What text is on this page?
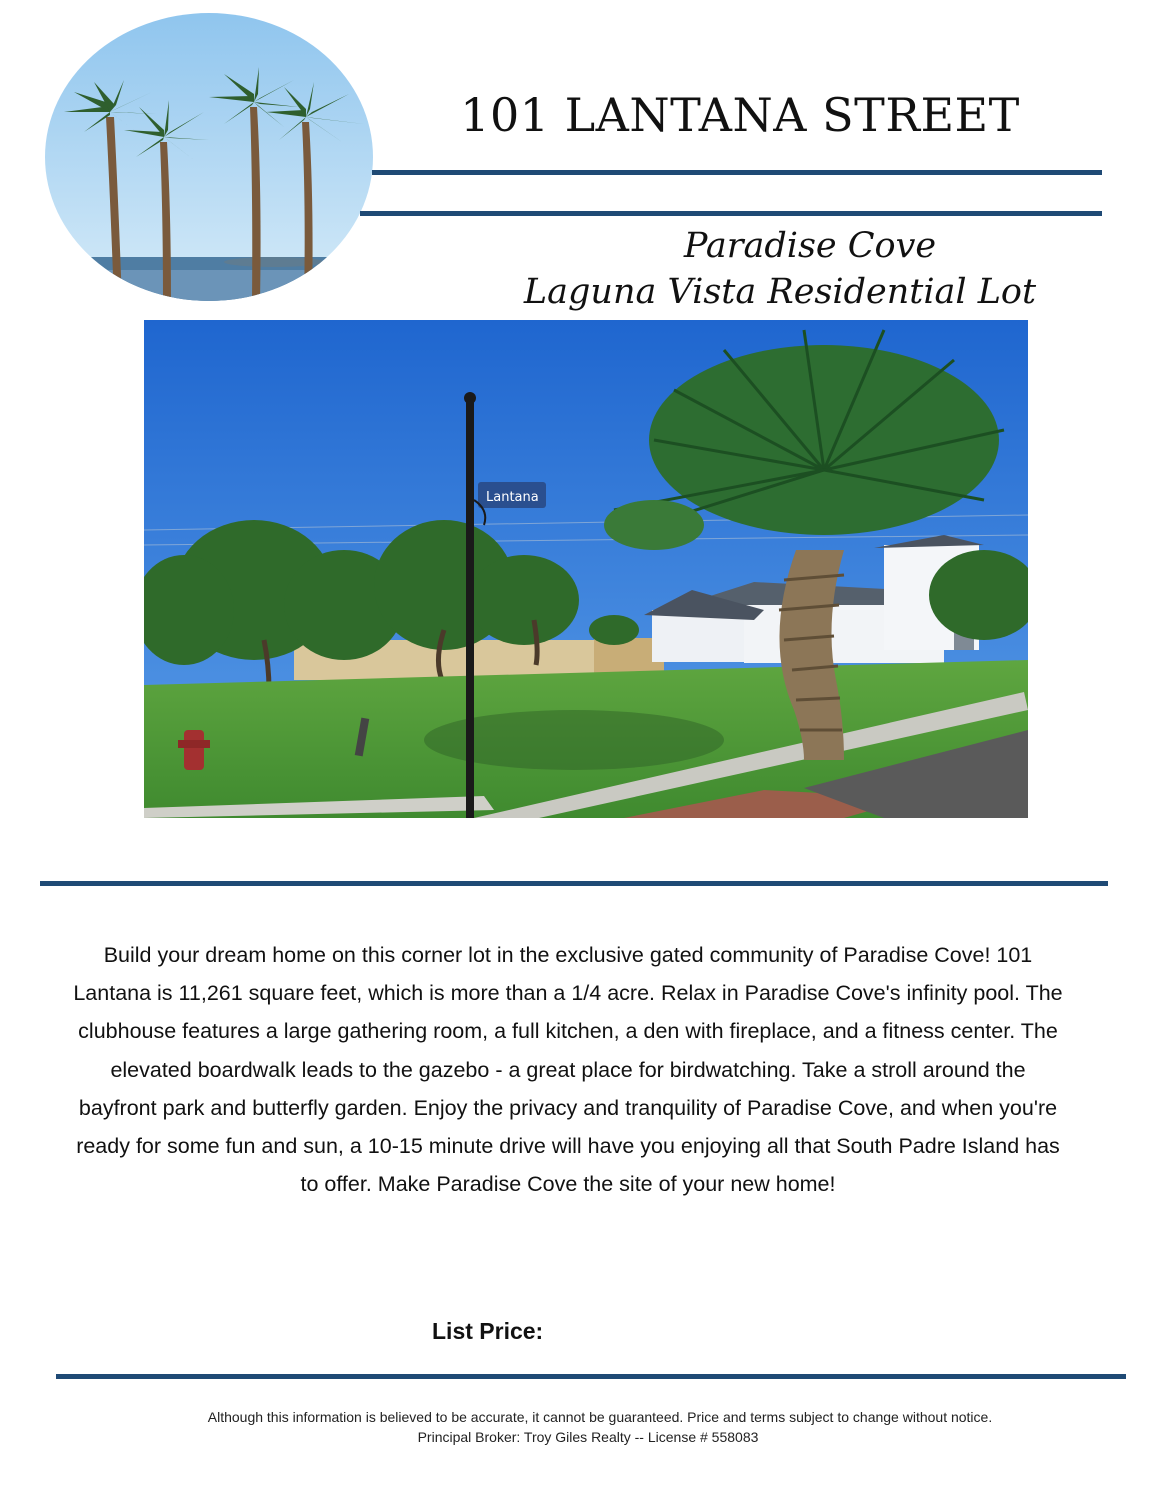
101 LANTANA STREET
Paradise Cove
Laguna Vista Residential Lot
Lantana
Build your dream home on this corner lot in the exclusive gated community of Paradise Cove! 101 Lantana is 11,261 square feet, which is more than a 1/4 acre. Relax in Paradise Cove's infinity pool. The clubhouse features a large gathering room, a full kitchen, a den with fireplace, and a fitness center. The elevated boardwalk leads to the gazebo - a great place for birdwatching. Take a stroll around the bayfront park and butterfly garden. Enjoy the privacy and tranquility of Paradise Cove, and when you're ready for some fun and sun, a 10-15 minute drive will have you enjoying all that South Padre Island has to offer. Make Paradise Cove the site of your new home!
List Price:
Although this information is believed to be accurate, it cannot be guaranteed. Price and terms subject to change without notice.
Principal Broker: Troy Giles Realty -- License # 558083
